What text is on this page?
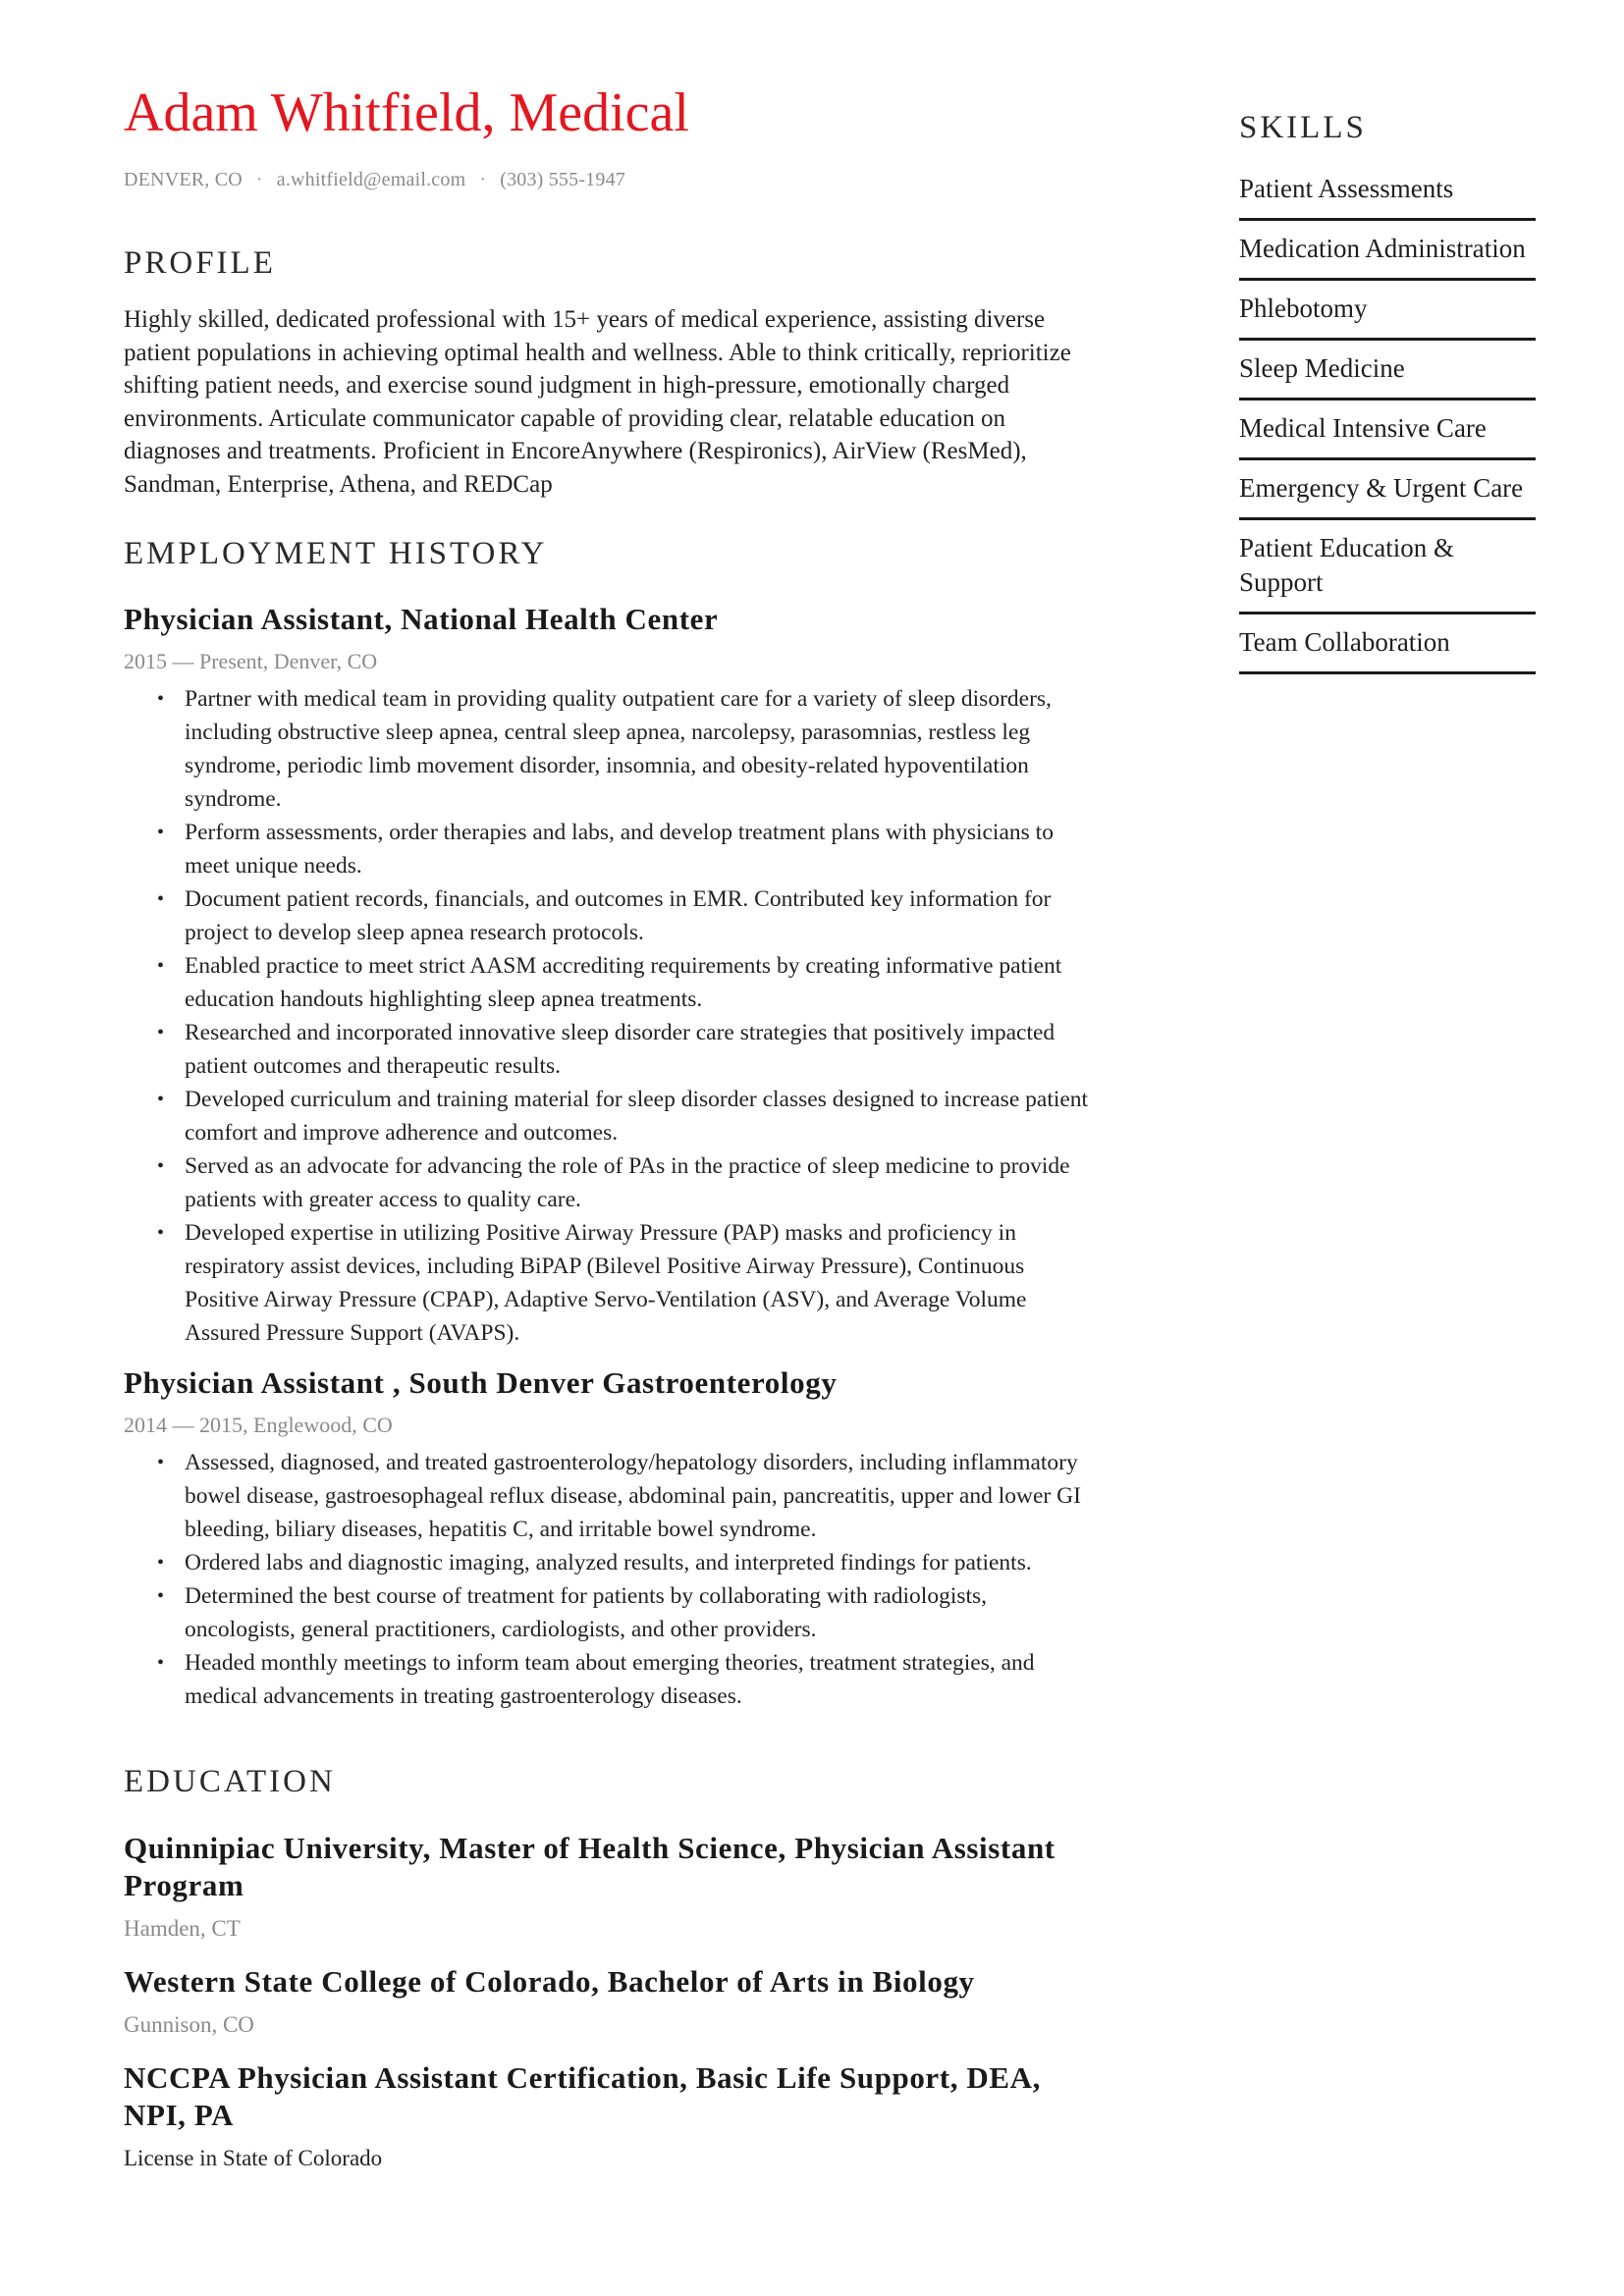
Adam Whitfield, Medical
DENVER, CO · a.whitfield@email.com · (303) 555-1947
PROFILE
Highly skilled, dedicated professional with 15+ years of medical experience, assisting diverse patient populations in achieving optimal health and wellness. Able to think critically, reprioritize shifting patient needs, and exercise sound judgment in high-pressure, emotionally charged environments. Articulate communicator capable of providing clear, relatable education on diagnoses and treatments. Proficient in EncoreAnywhere (Respironics), AirView (ResMed), Sandman, Enterprise, Athena, and REDCap
EMPLOYMENT HISTORY
Physician Assistant, National Health Center
2015 — Present, Denver, CO
• Partner with medical team in providing quality outpatient care for a variety of sleep disorders, including obstructive sleep apnea, central sleep apnea, narcolepsy, parasomnias, restless leg syndrome, periodic limb movement disorder, insomnia, and obesity-related hypoventilation syndrome.
• Perform assessments, order therapies and labs, and develop treatment plans with physicians to meet unique needs.
• Document patient records, financials, and outcomes in EMR. Contributed key information for project to develop sleep apnea research protocols.
• Enabled practice to meet strict AASM accrediting requirements by creating informative patient education handouts highlighting sleep apnea treatments.
• Researched and incorporated innovative sleep disorder care strategies that positively impacted patient outcomes and therapeutic results.
• Developed curriculum and training material for sleep disorder classes designed to increase patient comfort and improve adherence and outcomes.
• Served as an advocate for advancing the role of PAs in the practice of sleep medicine to provide patients with greater access to quality care.
• Developed expertise in utilizing Positive Airway Pressure (PAP) masks and proficiency in respiratory assist devices, including BiPAP (Bilevel Positive Airway Pressure), Continuous Positive Airway Pressure (CPAP), Adaptive Servo-Ventilation (ASV), and Average Volume Assured Pressure Support (AVAPS).
Physician Assistant , South Denver Gastroenterology
2014 — 2015, Englewood, CO
• Assessed, diagnosed, and treated gastroenterology/hepatology disorders, including inflammatory bowel disease, gastroesophageal reflux disease, abdominal pain, pancreatitis, upper and lower GI bleeding, biliary diseases, hepatitis C, and irritable bowel syndrome.
• Ordered labs and diagnostic imaging, analyzed results, and interpreted findings for patients.
• Determined the best course of treatment for patients by collaborating with radiologists, oncologists, general practitioners, cardiologists, and other providers.
• Headed monthly meetings to inform team about emerging theories, treatment strategies, and medical advancements in treating gastroenterology diseases.
EDUCATION
Quinnipiac University, Master of Health Science, Physician Assistant Program
Hamden, CT
Western State College of Colorado, Bachelor of Arts in Biology
Gunnison, CO
NCCPA Physician Assistant Certification, Basic Life Support, DEA, NPI, PA
License in State of Colorado
SKILLS
Patient Assessments
Medication Administration
Phlebotomy
Sleep Medicine
Medical Intensive Care
Emergency & Urgent Care
Patient Education & Support
Team Collaboration
